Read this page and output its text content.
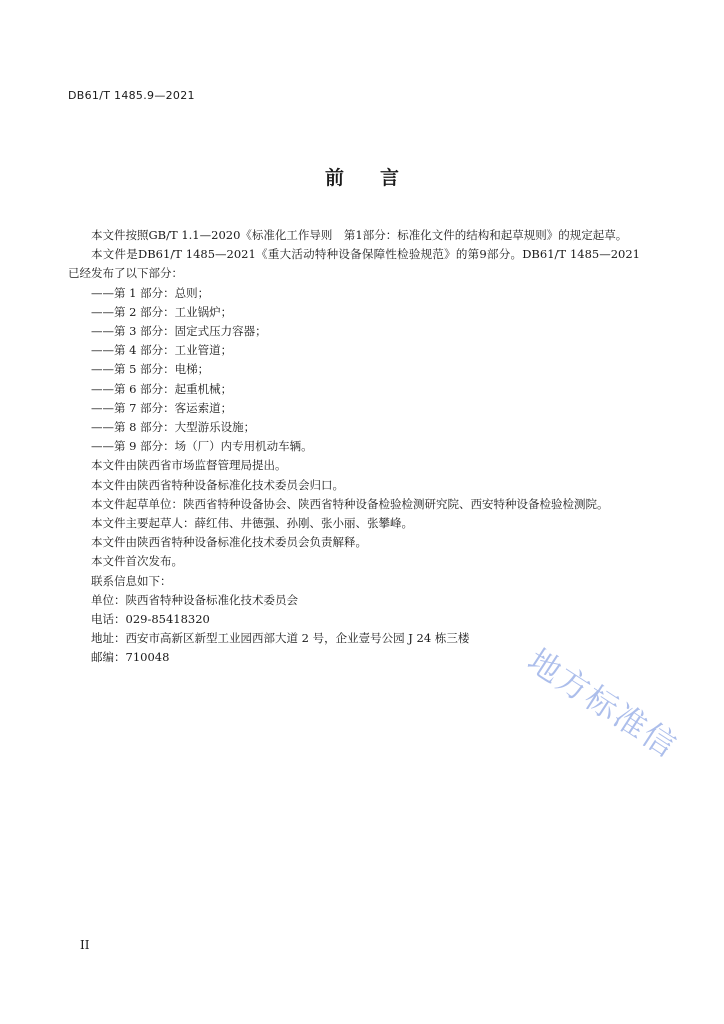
DB61/T 1485.9—2021
前言

本文件按照GB/T 1.1—2020《标准化工作导则　第1部分：标准化文件的结构和起草规则》的规定起草。

本文件是DB61/T 1485—2021《重大活动特种设备保障性检验规范》的第9部分。DB61/T 1485—2021已经发布了以下部分：

——第 1 部分：总则；

——第 2 部分：工业锅炉；

——第 3 部分：固定式压力容器；

——第 4 部分：工业管道；

——第 5 部分：电梯；

——第 6 部分：起重机械；

——第 7 部分：客运索道；

——第 8 部分：大型游乐设施；

——第 9 部分：场（厂）内专用机动车辆。

本文件由陕西省市场监督管理局提出。

本文件由陕西省特种设备标准化技术委员会归口。

本文件起草单位：陕西省特种设备协会、陕西省特种设备检验检测研究院、西安特种设备检验检测院。

本文件主要起草人：薛红伟、井德强、孙刚、张小丽、张攀峰。

本文件由陕西省特种设备标准化技术委员会负责解释。

本文件首次发布。

联系信息如下：

单位：陕西省特种设备标准化技术委员会

电话：029-85418320

地址：西安市高新区新型工业园西部大道 2 号，企业壹号公园 J 24 栋三楼

邮编：710048	地方标准信
II
